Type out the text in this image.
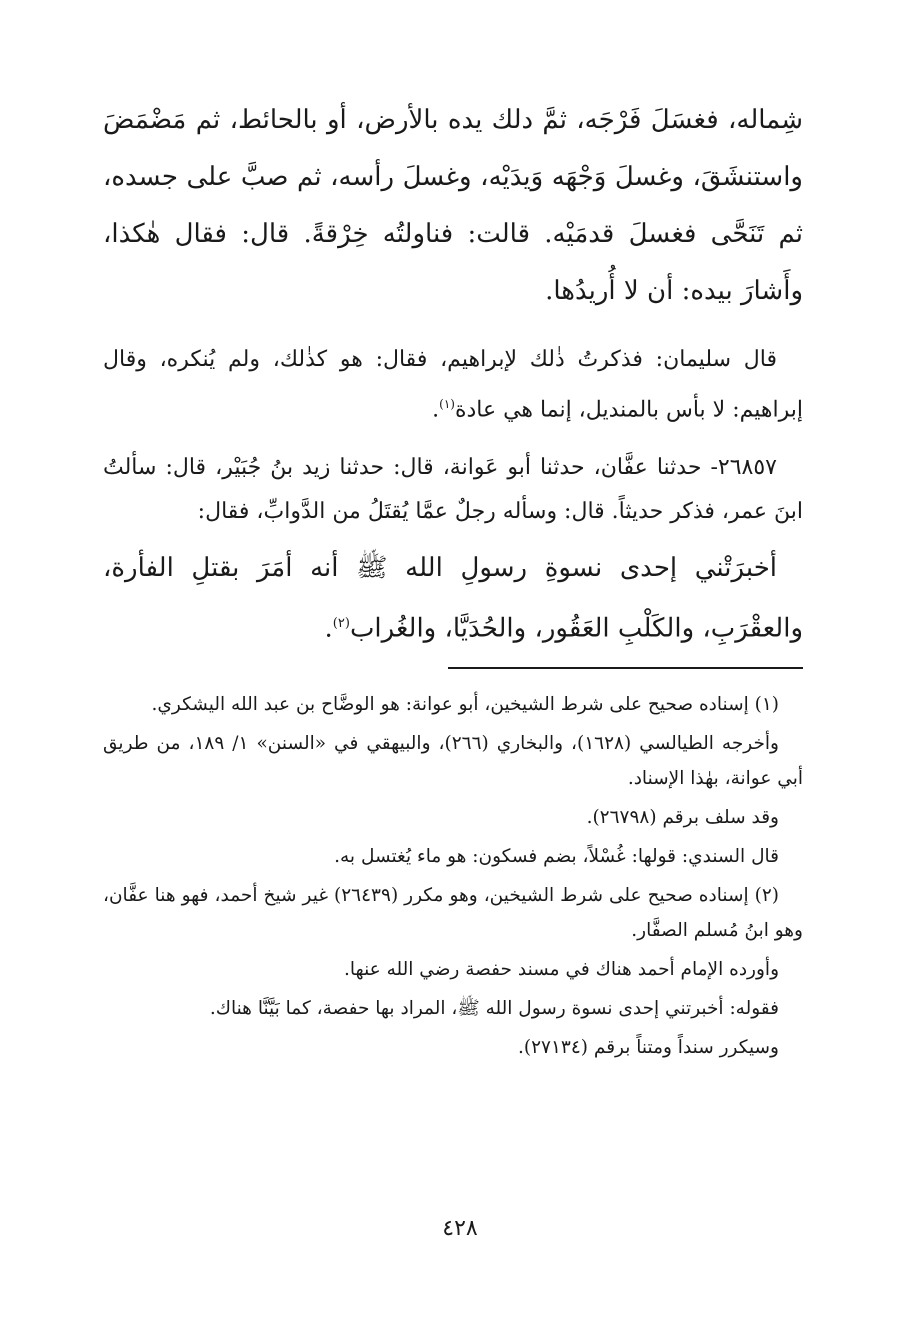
شِماله، فغسَلَ فَرْجَه، ثمَّ دلك يده بالأرض، أو بالحائط، ثم مَضْمَضَ واستنشَقَ، وغسلَ وَجْهَه وَيدَيْه، وغسلَ رأسه، ثم صبَّ على جسده، ثم تَنَحَّى فغسلَ قدمَيْه. قالت: فناولتُه خِرْقةً. قال: فقال هٰكذا، وأَشارَ بيده: أن لا أُريدُها.

قال سليمان: فذكرتُ ذٰلك لإبراهيم، فقال: هو كذٰلك، ولم يُنكره، وقال إبراهيم: لا بأس بالمنديل، إنما هي عادة$^{(١)}$.

٢٦٨٥٧- حدثنا عفَّان، حدثنا أبو عَوانة، قال: حدثنا زيد بنُ جُبَيْر، قال: سألتُ ابنَ عمر، فذكر حديثاً. قال: وسأله رجلٌ عمَّا يُقتَلُ من الدَّوابِّ، فقال:

أخبرَتْني إحدى نسوةِ رسولِ الله ﷺ أنه أمَرَ بقتلِ الفأرة، والعقْرَبِ، والكَلْبِ العَقُور، والحُدَيَّا، والغُراب$^{(٢)}$.

(١) إسناده صحيح على شرط الشيخين، أبو عوانة: هو الوضَّاح بن عبد الله اليشكري.

وأخرجه الطيالسي (١٦٢٨)، والبخاري (٢٦٦)، والبيهقي في «السنن» ١/ ١٨٩، من طريق أبي عوانة، بهٰذا الإسناد.

وقد سلف برقم (٢٦٧٩٨).

قال السندي: قولها: غُسْلاً، بضم فسكون: هو ماء يُغتسل به.

(٢) إسناده صحيح على شرط الشيخين، وهو مكرر (٢٦٤٣٩) غير شيخ أحمد، فهو هنا عفَّان، وهو ابنُ مُسلم الصفَّار.

وأورده الإمام أحمد هناك في مسند حفصة رضي الله عنها.

فقوله: أخبرتني إحدى نسوة رسول الله ﷺ، المراد بها حفصة، كما بَيَّنَّا هناك.

وسيكرر سنداً ومتناً برقم (٢٧١٣٤).

٤٢٨
